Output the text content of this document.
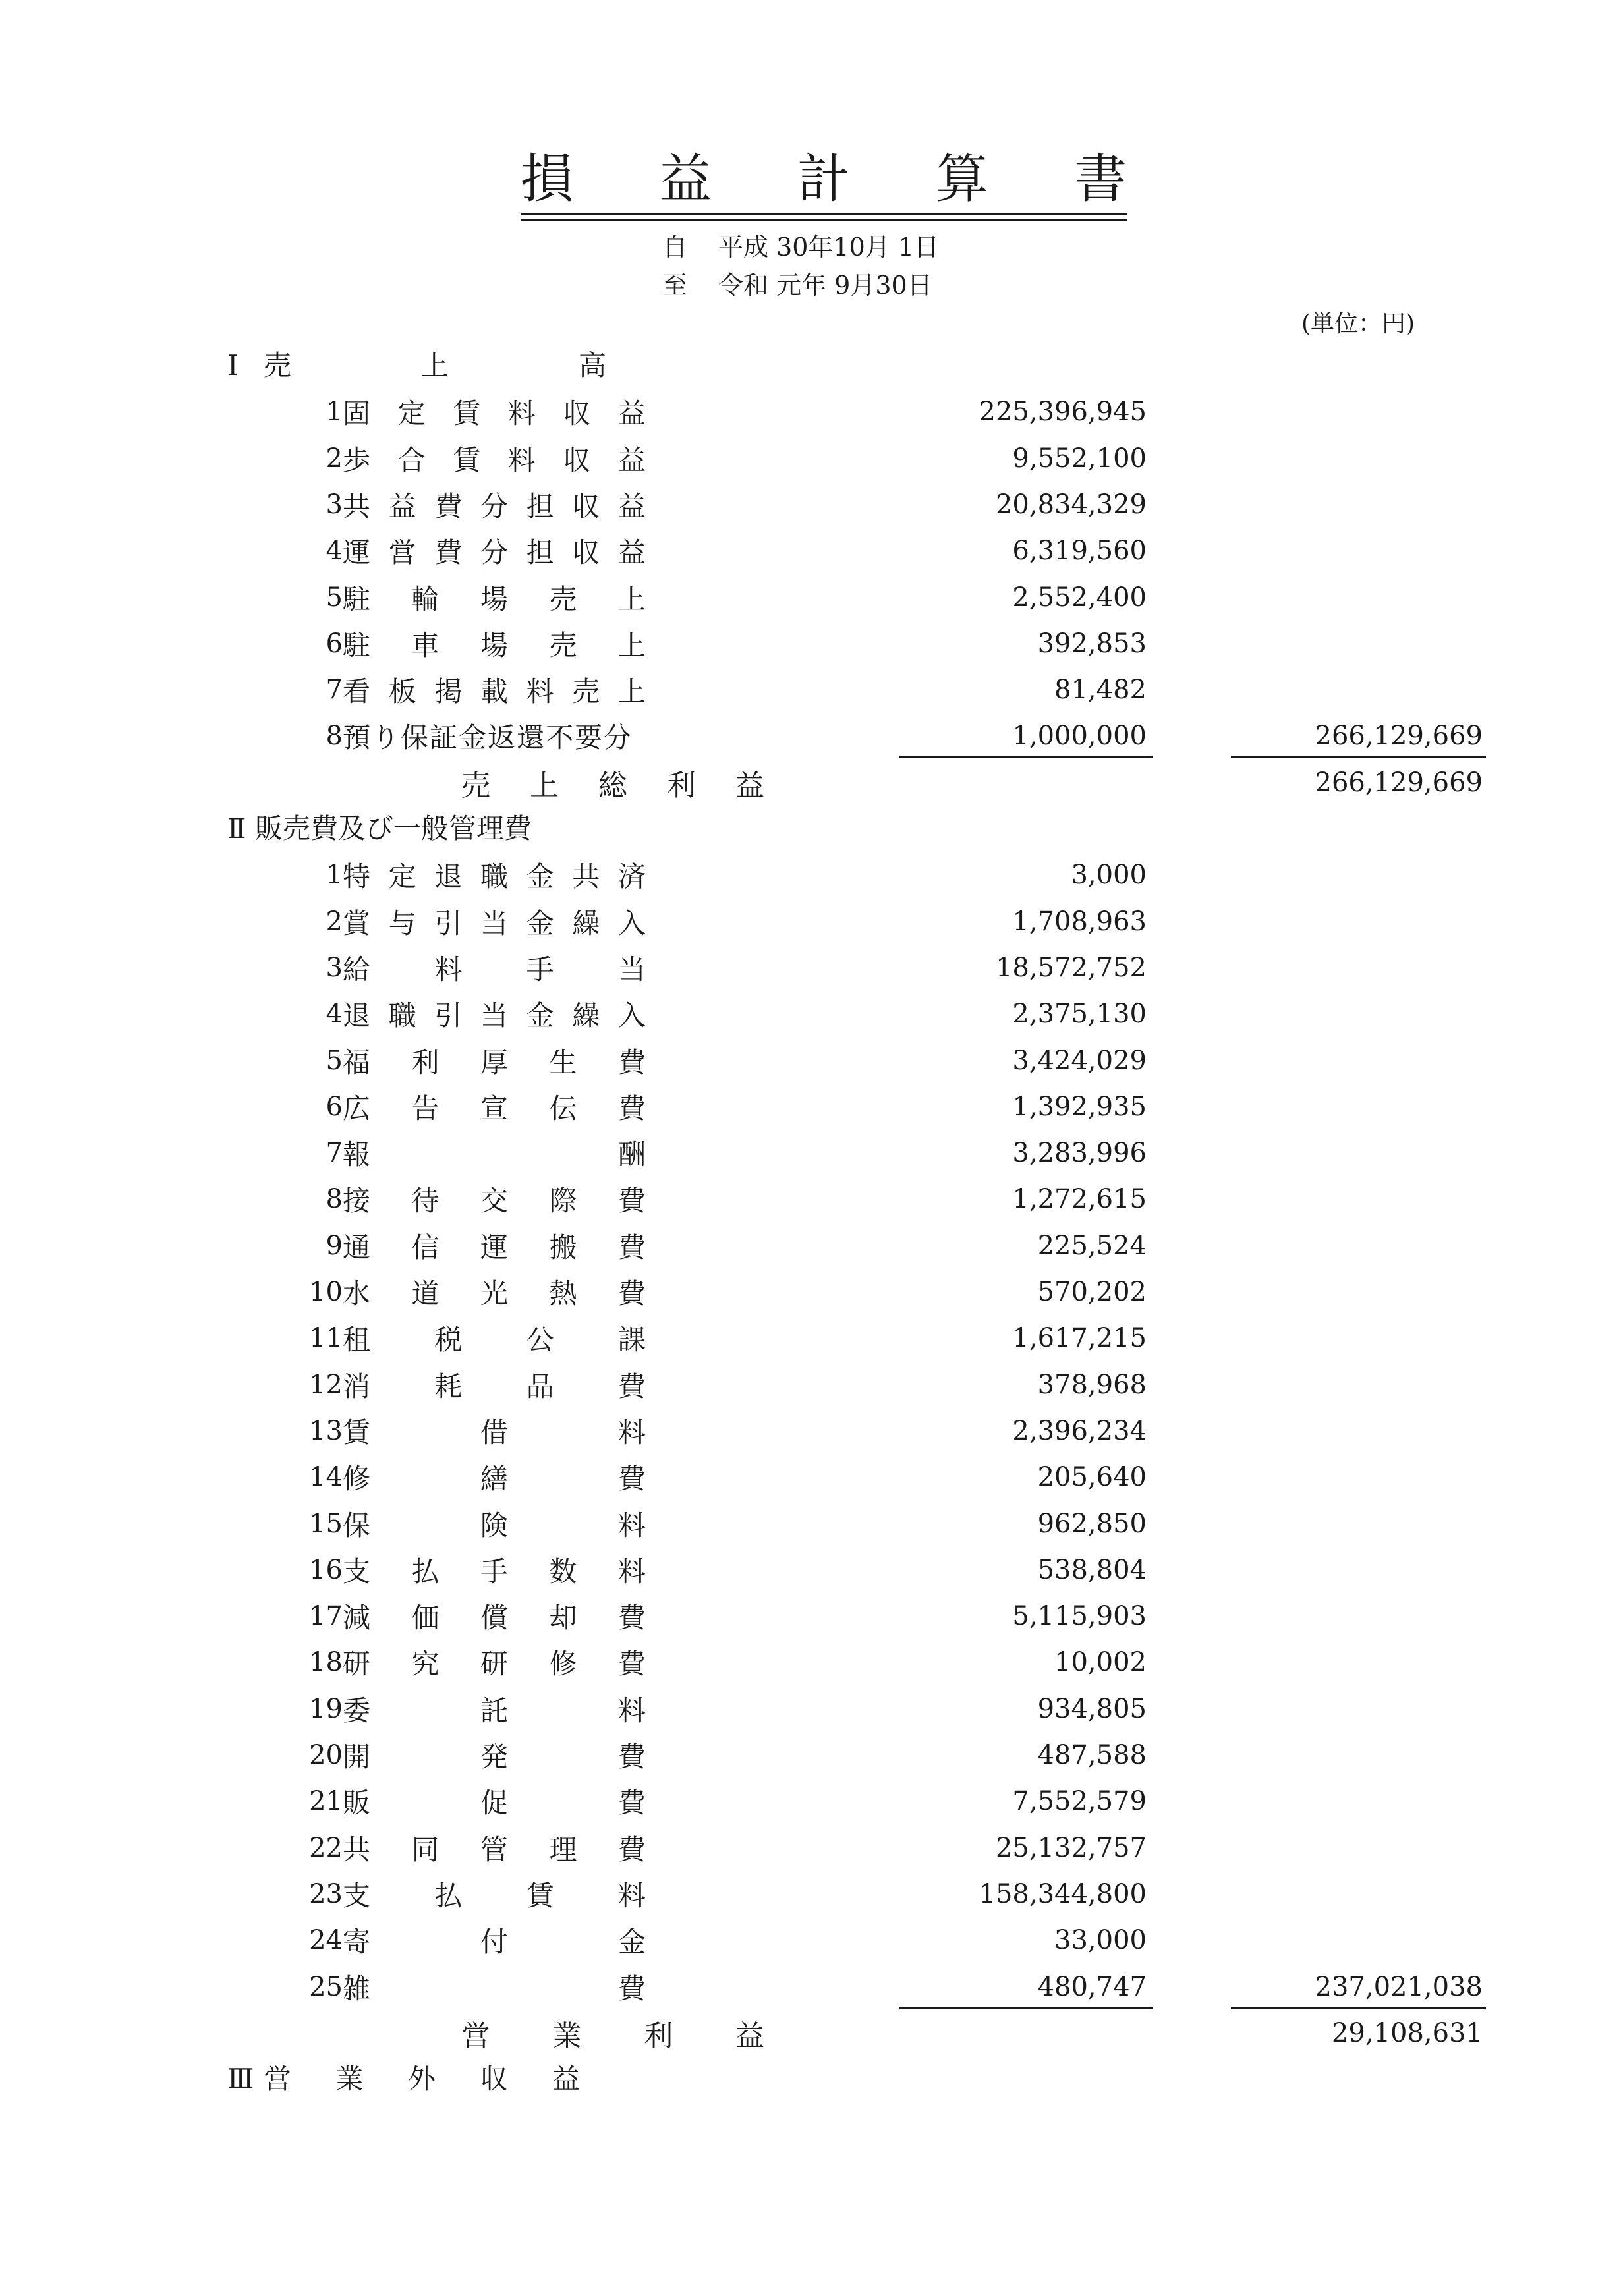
損 益 計 算 書
自 平成 30年10月 1日
至 令和 元年 9月30日
(単位：円)
Ⅰ 売	上	高
1 固 定 賃 料 収 益	225,396,945
2 歩 合 賃 料 収 益	9,552,100
3 共 益 費 分 担 収 益	20,834,329
4 運 営 費 分 担 収 益	6,319,560
5 駐 輪 場 売 上	2,552,400
6 駐 車 場 売 上	392,853
7 看 板 掲 載 料 売 上	81,482
8 預 り 保 証 金 返 還 不 要 分	1,000,000	266,129,669
売 上 総 利 益	266,129,669
Ⅱ 販売費及び一般管理費
1 特 定 退 職 金 共 済	3,000
2 賞 与 引 当 金 繰 入	1,708,963
3 給 料 手 当	18,572,752
4 退 職 引 当 金 繰 入	2,375,130
5 福 利 厚 生 費	3,424,029
6 広 告 宣 伝 費	1,392,935
7 報	酬	3,283,996
8 接 待 交 際 費	1,272,615
9 通 信 運 搬 費	225,524
10 水 道 光 熱 費	570,202
11 租 税 公 課	1,617,215
12 消 耗 品 費	378,968
13 賃	借	料	2,396,234
14 修	繕	費	205,640
15 保	険	料	962,850
16 支 払 手 数 料	538,804
17 減 価 償 却 費	5,115,903
18 研 究 研 修 費	10,002
19 委	託	料	934,805
20 開	発	費	487,588
21 販	促	費	7,552,579
22 共 同 管 理 費	25,132,757
23 支 払 賃 料	158,344,800
24 寄	付	金	33,000
25 雑	費	480,747	237,021,038
営 業 利 益	29,108,631
Ⅲ 営 業 外 収 益
